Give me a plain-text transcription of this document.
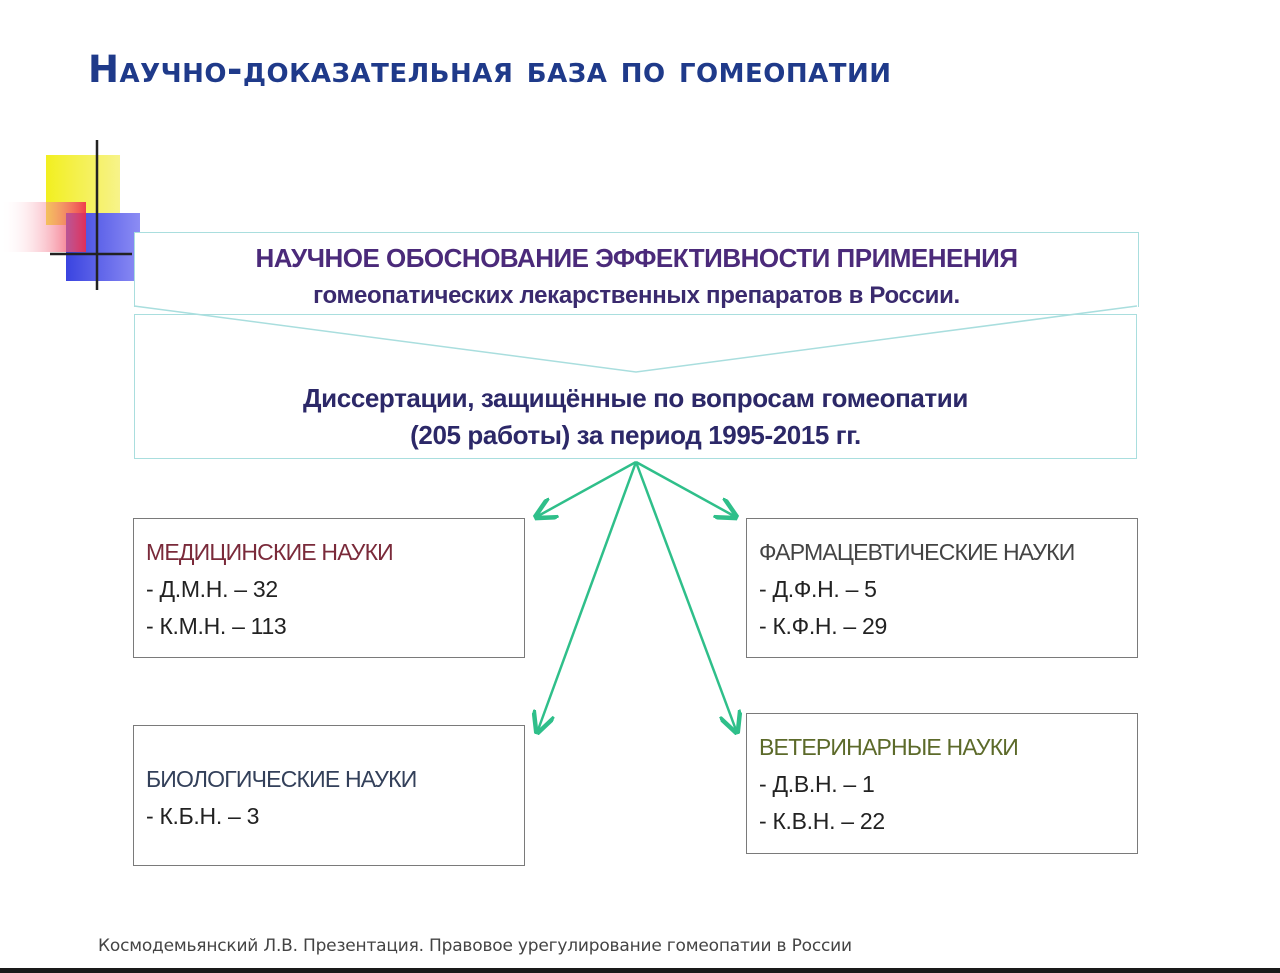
Научно-доказательная база по гомеопатии
Диссертации, защищённые по вопросам гомеопатии
(205 работы) за период 1995-2015 гг.
НАУЧНОЕ ОБОСНОВАНИЕ ЭФФЕКТИВНОСТИ ПРИМЕНЕНИЯ
гомеопатических лекарственных препаратов в России.
МЕДИЦИНСКИЕ НАУКИ
- Д.М.Н. – 32
- К.М.Н. – 113
ФАРМАЦЕВТИЧЕСКИЕ НАУКИ
- Д.Ф.Н. – 5
- К.Ф.Н. – 29
БИОЛОГИЧЕСКИЕ НАУКИ
- К.Б.Н. – 3
ВЕТЕРИНАРНЫЕ НАУКИ
- Д.В.Н. – 1
- К.В.Н. – 22
Космодемьянский Л.В. Презентация. Правовое урегулирование гомеопатии в России
